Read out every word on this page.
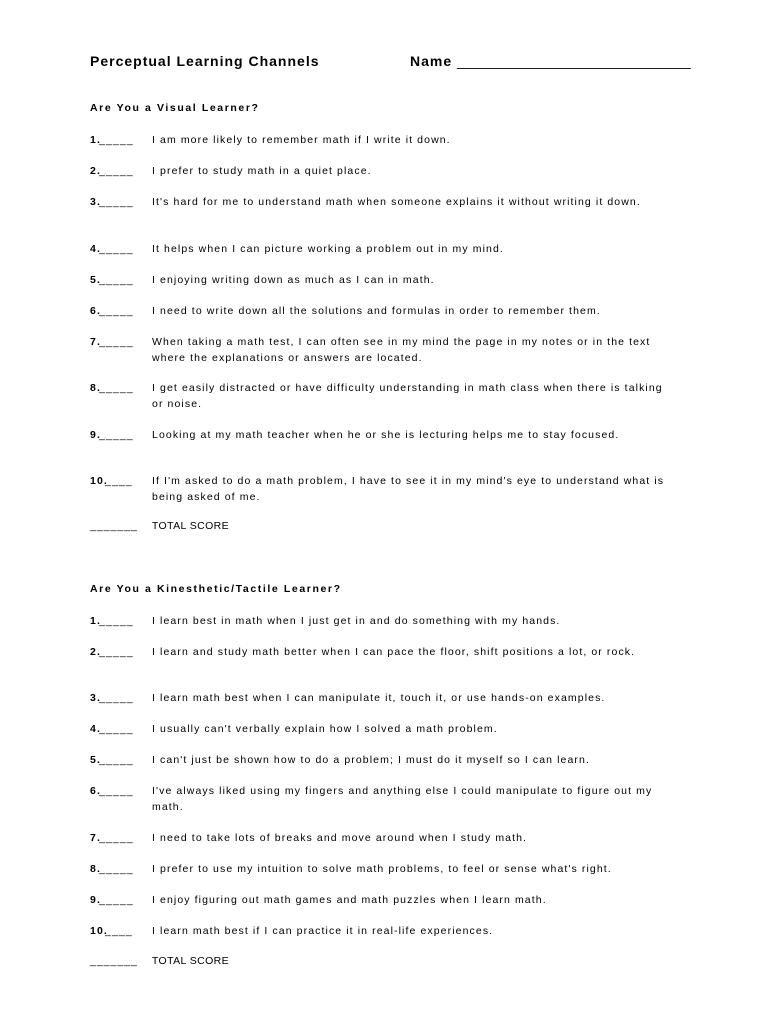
Perceptual Learning Channels	Name ______________________________
Are You a Visual Learner?
1.
_____ I am more likely to remember math if I write it down.
2.
_____ I prefer to study math in a quiet place.
3.
_____ It's hard for me to understand math when someone explains it without writing it down.
4.
_____ It helps when I can picture working a problem out in my mind.
5.
_____ I enjoying writing down as much as I can in math.
6.
_____ I need to write down all the solutions and formulas in order to remember them.
7.
_____ When taking a math test, I can often see in my mind the page in my notes or in the text where the explanations or answers are located.
8.
_____ I get easily distracted or have difficulty understanding in math class when there is talking or noise.
9.
_____ Looking at my math teacher when he or she is lecturing helps me to stay focused.
10.
____ If I'm asked to do a math problem, I have to see it in my mind's eye to understand what is being asked of me.
_______ TOTAL SCORE
Are You a Kinesthetic/Tactile Learner?
1.
_____ I learn best in math when I just get in and do something with my hands.
2.
_____ I learn and study math better when I can pace the floor, shift positions a lot, or rock.
3.
_____ I learn math best when I can manipulate it, touch it, or use hands-on examples.
4.
_____ I usually can't verbally explain how I solved a math problem.
5.
_____ I can't just be shown how to do a problem; I must do it myself so I can learn.
6.
_____ I've always liked using my fingers and anything else I could manipulate to figure out my math.
7.
_____ I need to take lots of breaks and move around when I study math.
8.
_____ I prefer to use my intuition to solve math problems, to feel or sense what's right.
9.
_____ I enjoy figuring out math games and math puzzles when I learn math.
10.
____ I learn math best if I can practice it in real-life experiences.
_______ TOTAL SCORE
